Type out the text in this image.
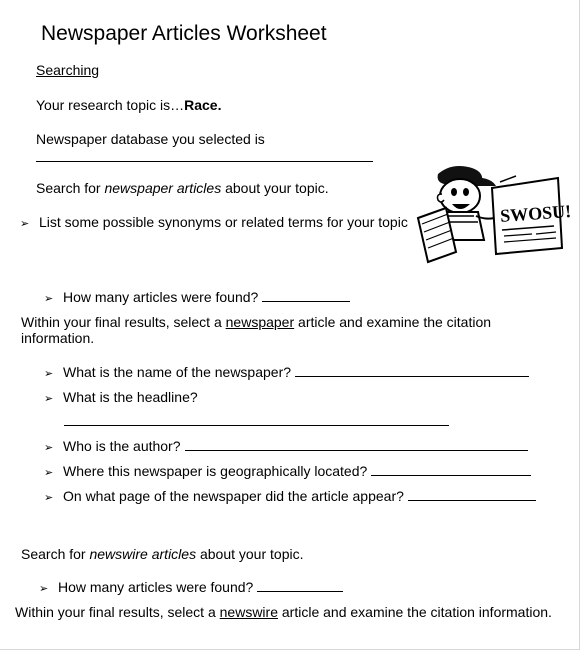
Newspaper Articles Worksheet
Searching
Your research topic is…Race.
Newspaper database you selected is
Search for newspaper articles about your topic.
➢ List some possible synonyms or related terms for your topic	SWOSU!
➢ How many articles were found?
Within your final results, select a newspaper article and examine the citation
information.
➢ What is the name of the newspaper?
➢ What is the headline?
➢ Who is the author?
➢ Where this newspaper is geographically located?
➢ On what page of the newspaper did the article appear?
Search for newswire articles about your topic.
➢ How many articles were found?
Within your final results, select a newswire article and examine the citation information.
